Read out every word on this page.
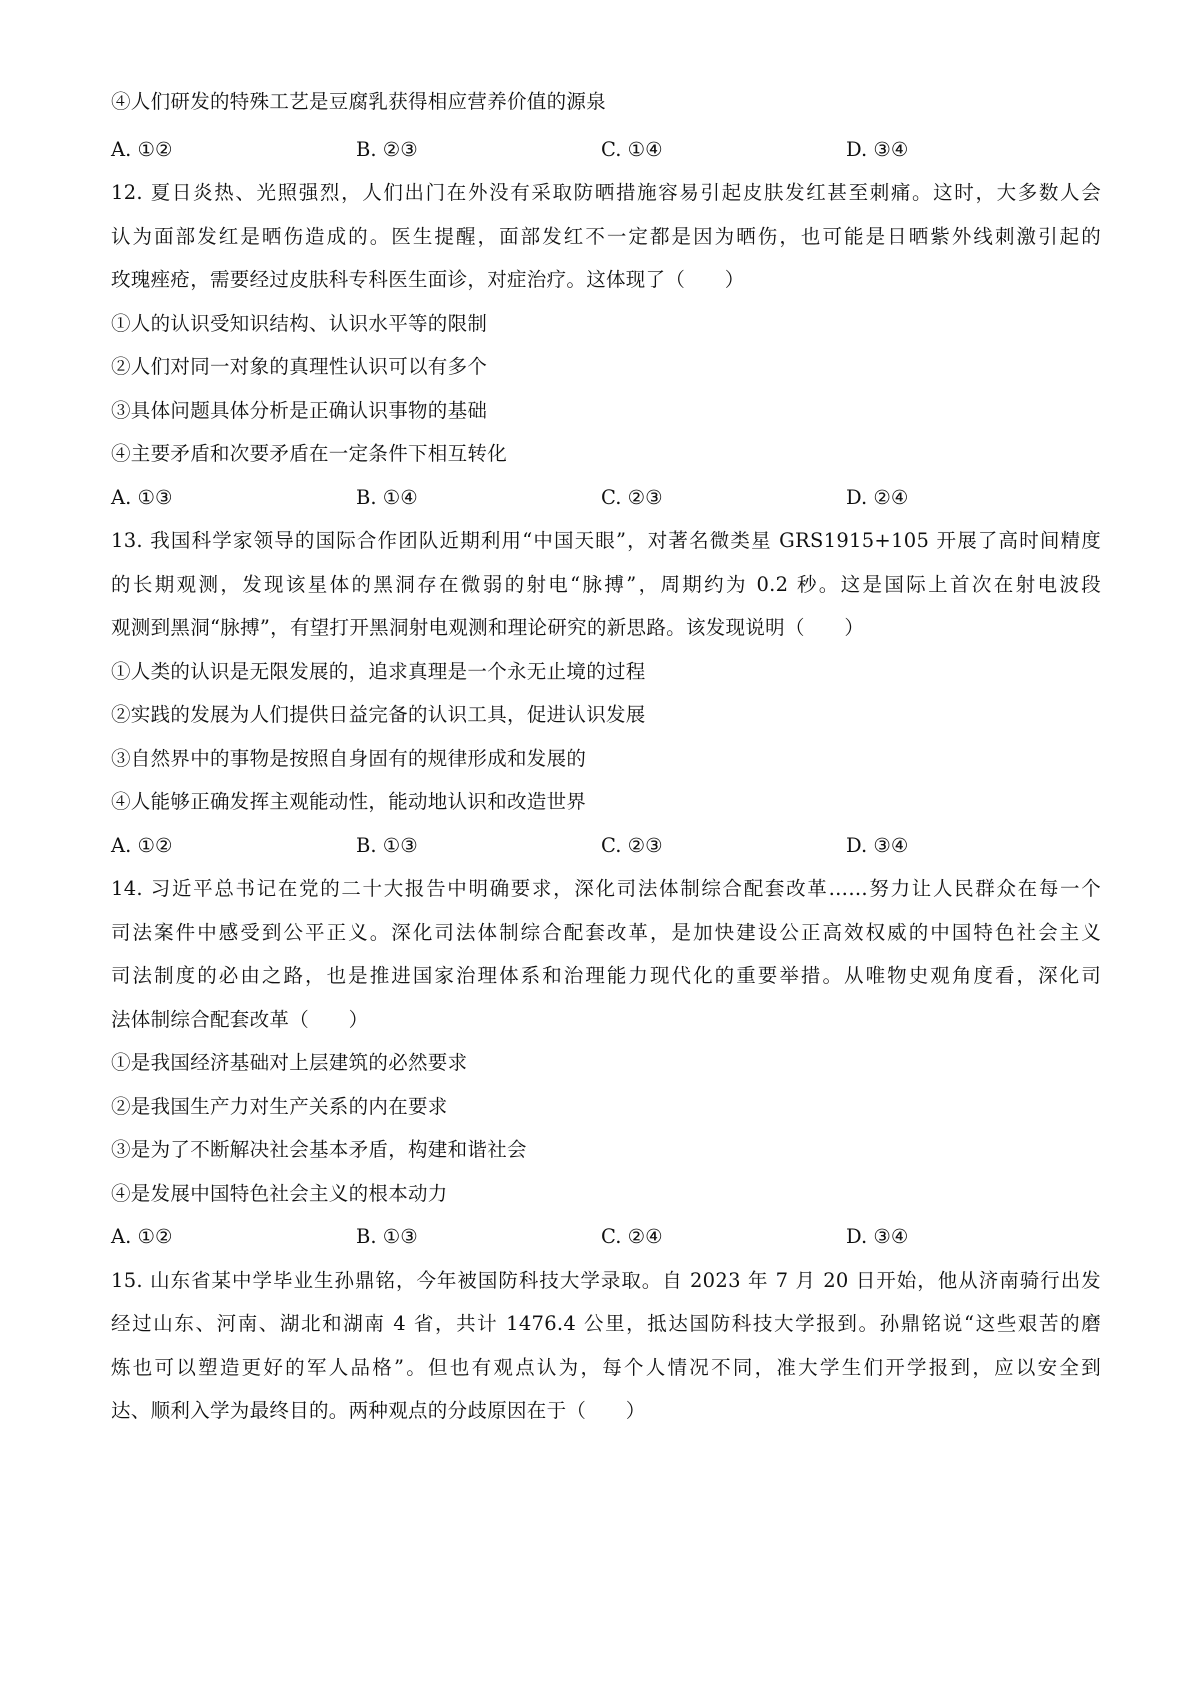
④人们研发的特殊工艺是豆腐乳获得相应营养价值的源泉
A. ①②	B. ②③	C. ①④	D. ③④
12. 夏日炎热、光照强烈，人们出门在外没有采取防晒措施容易引起皮肤发红甚至刺痛。这时，大多数人会
认为面部发红是晒伤造成的。医生提醒，面部发红不一定都是因为晒伤，也可能是日晒紫外线刺激引起的
玫瑰痤疮，需要经过皮肤科专科医生面诊，对症治疗。这体现了（　　）
①人的认识受知识结构、认识水平等的限制
②人们对同一对象的真理性认识可以有多个
③具体问题具体分析是正确认识事物的基础
④主要矛盾和次要矛盾在一定条件下相互转化
A. ①③	B. ①④	C. ②③	D. ②④
13. 我国科学家领导的国际合作团队近期利用“中国天眼”，对著名微类星 GRS1915+105 开展了高时间精度
的长期观测，发现该星体的黑洞存在微弱的射电“脉搏”，周期约为 0.2 秒。这是国际上首次在射电波段
观测到黑洞“脉搏”，有望打开黑洞射电观测和理论研究的新思路。该发现说明（　　）
①人类的认识是无限发展的，追求真理是一个永无止境的过程
②实践的发展为人们提供日益完备的认识工具，促进认识发展
③自然界中的事物是按照自身固有的规律形成和发展的
④人能够正确发挥主观能动性，能动地认识和改造世界
A. ①②	B. ①③	C. ②③	D. ③④
14. 习近平总书记在党的二十大报告中明确要求，深化司法体制综合配套改革……努力让人民群众在每一个
司法案件中感受到公平正义。深化司法体制综合配套改革，是加快建设公正高效权威的中国特色社会主义
司法制度的必由之路，也是推进国家治理体系和治理能力现代化的重要举措。从唯物史观角度看，深化司
法体制综合配套改革（　　）
①是我国经济基础对上层建筑的必然要求
②是我国生产力对生产关系的内在要求
③是为了不断解决社会基本矛盾，构建和谐社会
④是发展中国特色社会主义的根本动力
A. ①②	B. ①③	C. ②④	D. ③④
15. 山东省某中学毕业生孙鼎铭，今年被国防科技大学录取。自 2023 年 7 月 20 日开始，他从济南骑行出发
经过山东、河南、湖北和湖南 4 省，共计 1476.4 公里，抵达国防科技大学报到。孙鼎铭说“这些艰苦的磨
炼也可以塑造更好的军人品格”。但也有观点认为，每个人情况不同，准大学生们开学报到，应以安全到
达、顺利入学为最终目的。两种观点的分歧原因在于（　　）
